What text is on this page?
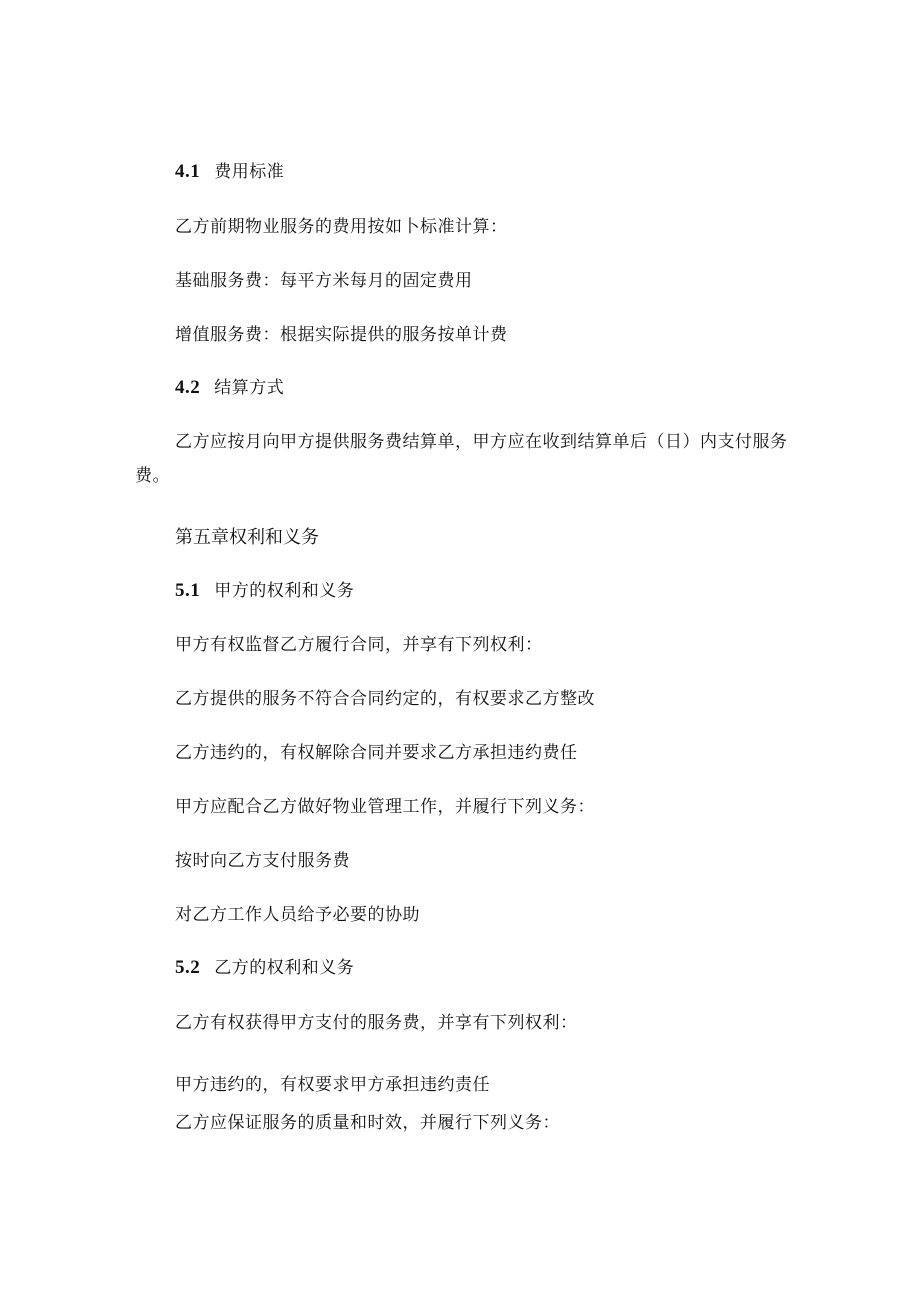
4.1 费用标准
乙方前期物业服务的费用按如卜标准计算：
基础服务费：每平方米每月的固定费用
增值服务费：根据实际提供的服务按单计费
4.2 结算方式
乙方应按月向甲方提供服务费结算单，甲方应在收到结算单后（日）内支付服务费。
第五章权利和义务
5.1 甲方的权利和义务
甲方有权监督乙方履行合同，并享有下列权利：
乙方提供的服务不符合合同约定的，有权要求乙方整改
乙方违约的，有权解除合同并要求乙方承担违约费任
甲方应配合乙方做好物业管理工作，并履行下列义务：
按时向乙方支付服务费
对乙方工作人员给予必要的协助
5.2 乙方的权利和义务
乙方有权获得甲方支付的服务费，并享有下列权利：
甲方违约的，有权要求甲方承担违约责任
乙方应保证服务的质量和时效，并履行下列义务：
